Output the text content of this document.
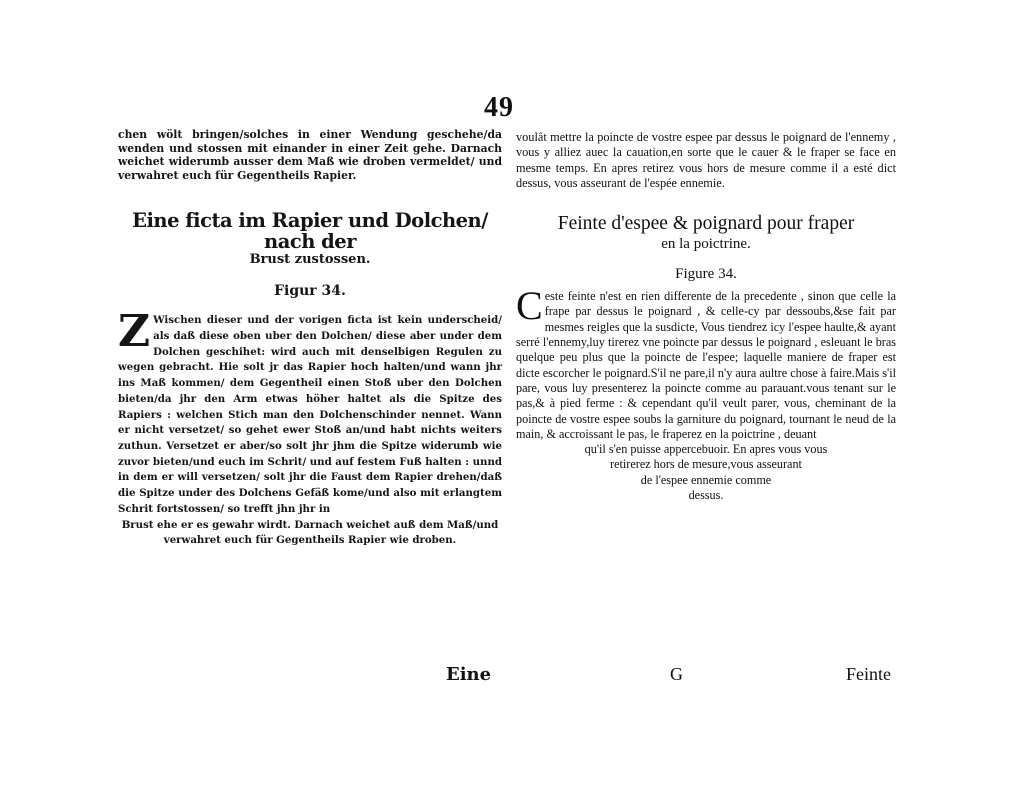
49

chen wölt bringen/solches in einer Wendung geschehe/da wenden und stossen mit einander in einer Zeit gehe. Darnach weichet widerumb ausser dem Maß wie droben vermeldet/ und verwahret euch für Gegentheils Rapier.

Eine ficta im Rapier und Dolchen/ nach der
Brust zustossen.
Figur 34.

Z Wischen dieser und der vorigen ficta ist kein underscheid/ als daß diese oben uber den Dolchen/ diese aber under dem Dolchen geschihet: wird auch mit denselbigen Regulen zu wegen gebracht. Hie solt jr das Rapier hoch halten/und wann jhr ins Maß kommen/ dem Gegentheil einen Stoß uber den Dolchen bieten/da jhr den Arm etwas höher haltet als die Spitze des Rapiers : welchen Stich man den Dolchenschinder nennet. Wann er nicht versetzet/ so gehet ewer Stoß an/und habt nichts weiters zuthun. Versetzet er aber/so solt jhr jhm die Spitze widerumb wie zuvor bieten/und euch im Schrit/ und auf festem Fuß halten : unnd in dem er will versetzen/ solt jhr die Faust dem Rapier drehen/daß die Spitze under des Dolchens Gefäß kome/und also mit erlangtem Schrit fortstossen/ so trefft jhn jhr in

Brust ehe er es gewahr wirdt. Darnach weichet auß dem Maß/und verwahret euch für Gegentheils Rapier wie droben.

voulât mettre la poincte de vostre espee par dessus le poignard de l'ennemy , vous y alliez auec la cauation,en sorte que le cauer & le fraper se face en mesme temps. En apres retirez vous hors de mesure comme il a esté dict dessus, vous asseurant de l'espée ennemie.

Feinte d'espee & poignard pour fraper
en la poictrine.
Figure 34.

Ceste feinte n'est en rien differente de la precedente , sinon que celle la frape par dessus le poignard , & celle-cy par dessoubs,&se fait par mesmes reigles que la susdicte, Vous tiendrez icy l'espee haulte,& ayant serré l'ennemy,luy tirerez vne poincte par dessus le poignard , esleuant le bras quelque peu plus que la poincte de l'espee; laquelle maniere de fraper est dicte escorcher le poignard.S'il ne pare,il n'y aura aultre chose à faire.Mais s'il pare, vous luy presenterez la poincte comme au parauant.vous tenant sur le pas,& à pied ferme : & cependant qu'il veult parer, vous, cheminant de la poincte de vostre espee soubs la garniture du poignard, tournant le neud de la main, & accroissant le pas, le fraperez en la poictrine , deuant

qu'il s'en puisse appercebuoir. En apres vous vous
retirerez hors de mesure,vous asseurant
de l'espee ennemie comme
dessus.
Eine	G	Feinte
